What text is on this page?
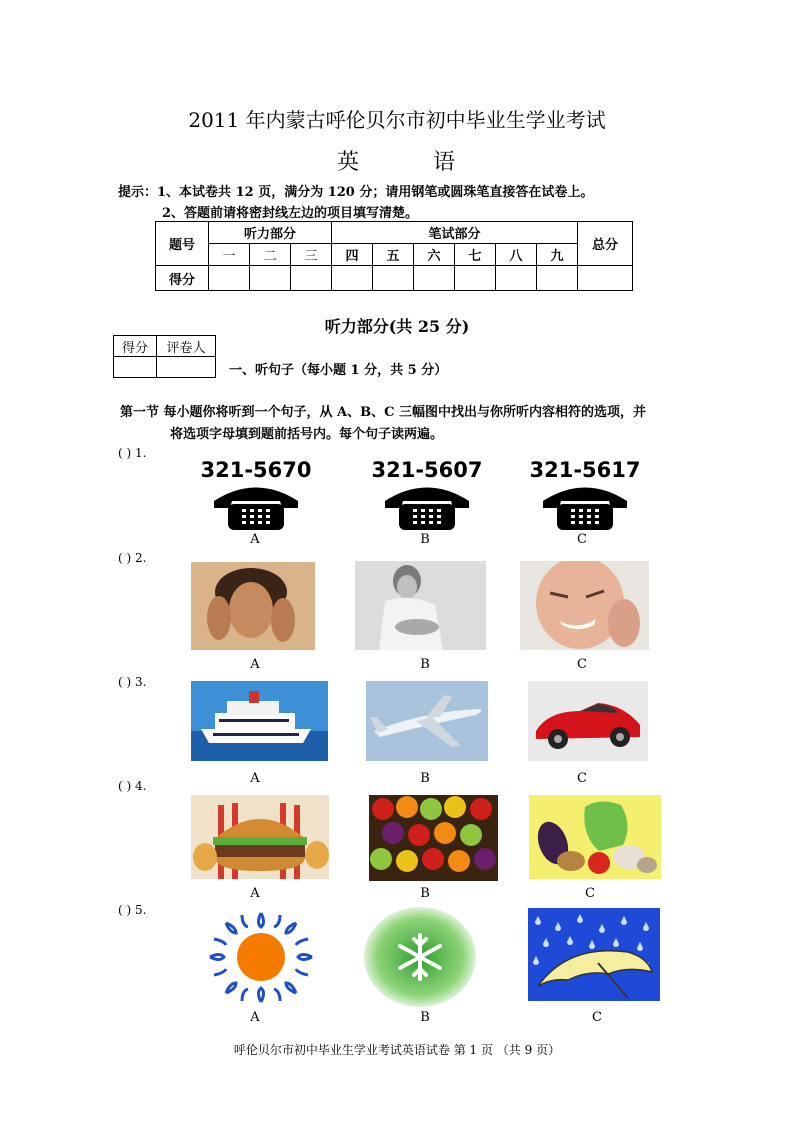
2011 年内蒙古呼伦贝尔市初中毕业生学业考试
英	语
提示：1、本试卷共 12 页，满分为 120 分；请用钢笔或圆珠笔直接答在试卷上。
2、答题前请将密封线左边的项目填写清楚。
题号	听力部分			笔试部分						总分
	一	二	三	四	五	六	七	八	九	
得分										
听力部分(共 25 分)
得分	评卷人

一、听句子（每小题 1 分，共 5 分）
第一节 每小题你将听到一个句子，从 A、B、C 三幅图中找出与你所听内容相符的选项，并
将选项字母填到题前括号内。每个句子读两遍。
( ) 1.
321-5670	321-5607	321-5617
A	B	C
( ) 2.
A	B	C
( ) 3.
A	B	C
( ) 4.
A	B	C
( ) 5.
A	B	C
呼伦贝尔市初中毕业生学业考试英语试卷 第 1 页 （共 9 页）
